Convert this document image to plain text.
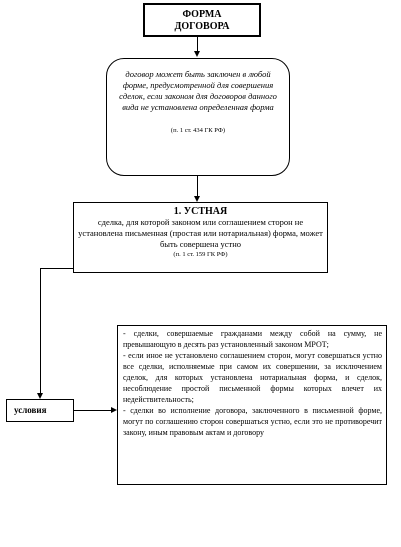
ФОРМА
ДОГОВОРА
договор может быть заключен в любой форме, предусмотренной для совершения сделок, если законом для договоров данного вида не установлена определенная форма
(п. 1 ст. 434 ГК РФ)
1. УСТНАЯ
сделка, для которой законом или соглашением сторон не установлена письменная (простая или нотариальная) форма, может быть совершена устно
(п. 1 ст. 159 ГК РФ)
условия

- сделки, совершаемые гражданами между собой на сумму, не превышающую в десять раз установленный законом МРОТ;

- если иное не установлено соглашением сторон, могут совершаться устно все сделки, исполняемые при самом их совершении, за исключением сделок, для которых установлена нотариальная форма, и сделок, несоблюдение простой письменной формы которых влечет их недействительность;

- сделки во исполнение договора, заключенного в письменной форме, могут по соглашению сторон совершаться устно, если это не противоречит закону, иным правовым актам и договору
